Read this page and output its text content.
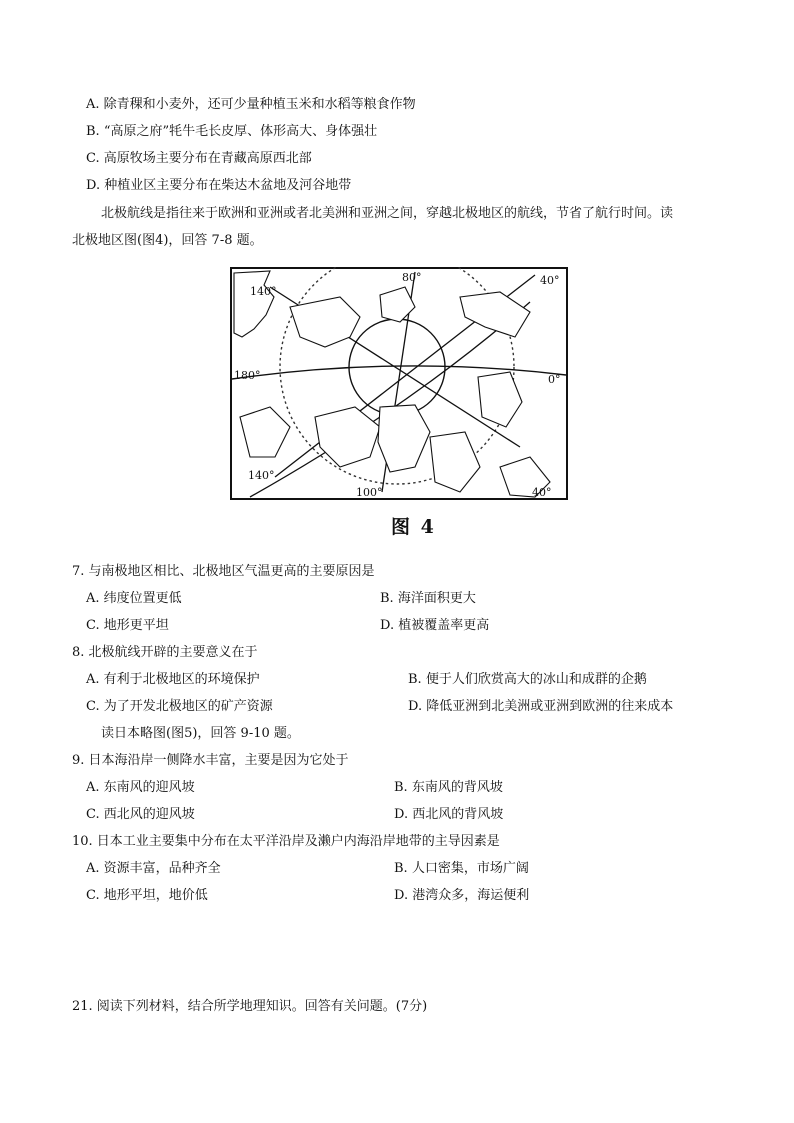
A. 除青稞和小麦外，还可少量种植玉米和水稻等粮食作物
B. “高原之府”牦牛毛长皮厚、体形高大、身体强壮
C. 高原牧场主要分布在青藏高原西北部
D. 种植业区主要分布在柴达木盆地及河谷地带
北极航线是指往来于欧洲和亚洲或者北美洲和亚洲之间，穿越北极地区的航线，节省了航行时间。读
北极地区图(图4)，回答 7-8 题。
140°
80°	40°
180°	0°
140°
100°	40°
图 4
7. 与南极地区相比、北极地区气温更高的主要原因是
A. 纬度位置更低	B. 海洋面积更大
C. 地形更平坦	D. 植被覆盖率更高
8. 北极航线开辟的主要意义在于
A. 有利于北极地区的环境保护	B. 便于人们欣赏高大的冰山和成群的企鹅
C. 为了开发北极地区的矿产资源	D. 降低亚洲到北美洲或亚洲到欧洲的往来成本
读日本略图(图5)，回答 9-10 题。
9. 日本海沿岸一侧降水丰富，主要是因为它处于
A. 东南风的迎风坡	B. 东南风的背风坡
C. 西北风的迎风坡	D. 西北风的背风坡
10. 日本工业主要集中分布在太平洋沿岸及濑户内海沿岸地带的主导因素是
A. 资源丰富，品种齐全	B. 人口密集，市场广阔
C. 地形平坦，地价低	D. 港湾众多，海运便利
21. 阅读下列材料，结合所学地理知识。回答有关问题。(7分)
